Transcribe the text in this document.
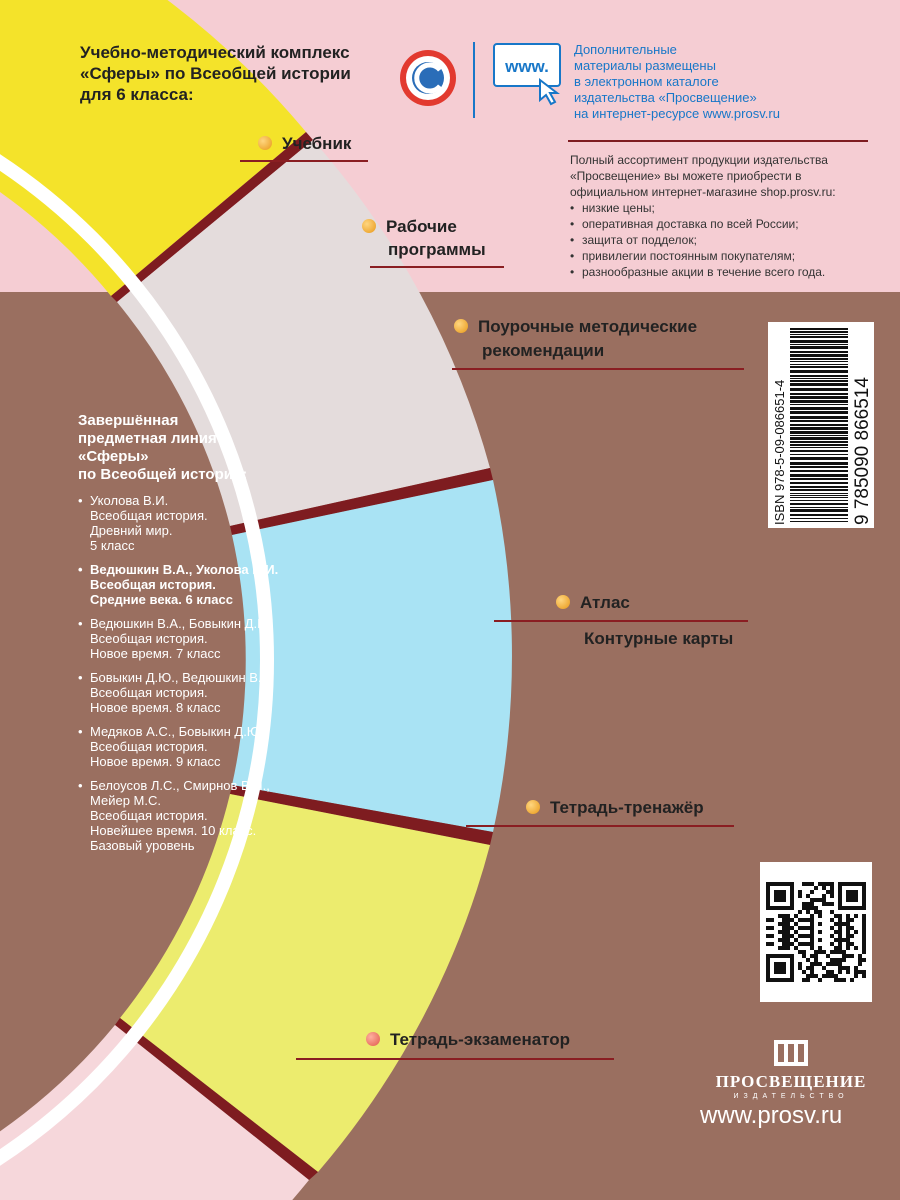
www.
Учебно-методический комплекс
«Сферы» по Всеобщей истории
для 6 класса:
Дополнительные
материалы размещены
в электронном каталоге
издательства «Просвещение»
на интернет-ресурсе www.prosv.ru
Полный ассортимент продукции издательства
«Просвещение» вы можете приобрести в
официальном интернет-магазине shop.prosv.ru:
• низкие цены;
• оперативная доставка по всей России;
• защита от подделок;
• привилегии постоянным покупателям;
• разнообразные акции в течение всего года.
Учебник
Рабочие
программы
Поурочные методические
рекомендации
Атлас
Контурные карты
Тетрадь-тренажёр
Тетрадь-экзаменатор
Завершённая
предметная линия
«Сферы»
по Всеобщей истории:
• Уколова В.И.
Всеобщая история.
Древний мир.
5 класс
• Ведюшкин В.А., Уколова В.И.
Всеобщая история.
Средние века. 6 класс
• Ведюшкин В.А., Бовыкин Д.Ю.
Всеобщая история.
Новое время. 7 класс
• Бовыкин Д.Ю., Ведюшкин В.А.
Всеобщая история.
Новое время. 8 класс
• Медяков А.С., Бовыкин Д.Ю.
Всеобщая история.
Новое время. 9 класс
• Белоусов Л.С., Смирнов В.П.,
Мейер М.С.
Всеобщая история.
Новейшее время. 10 класс.
Базовый уровень
ISBN 978-5-09-086651-4	9 785090 866514
ПРОСВЕЩЕНИЕ
ИЗДАТЕЛЬСТВО
www.prosv.ru
